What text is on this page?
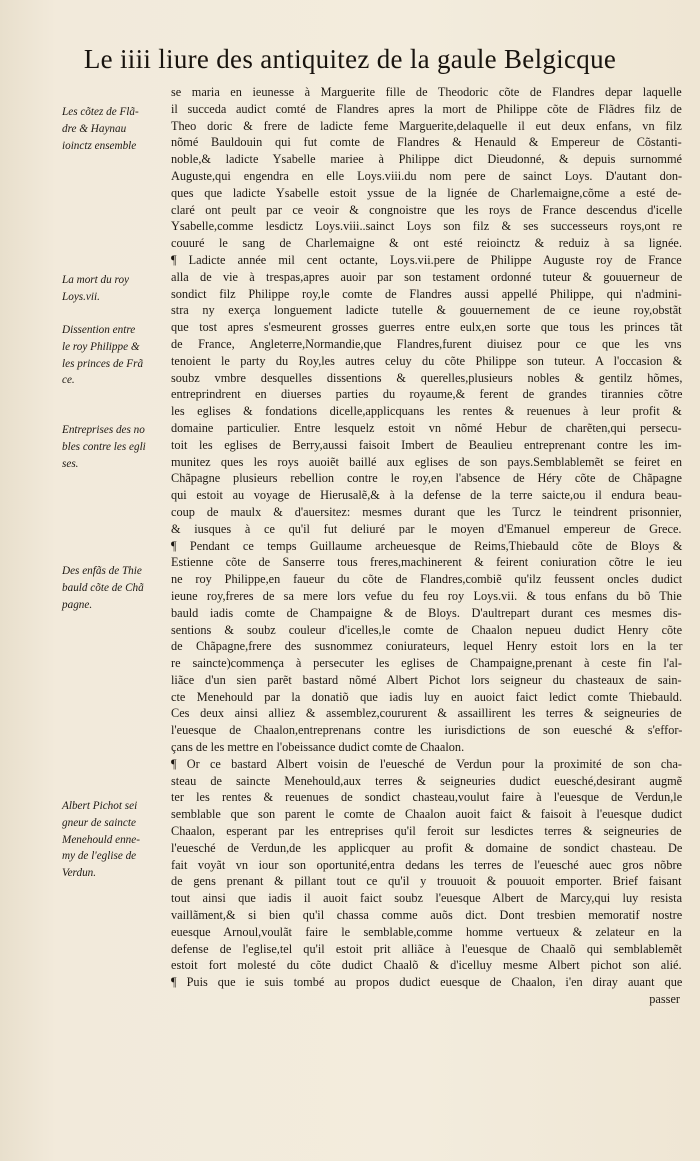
Le iiii liure des antiquitez de la gaule Belgicque
Les cõtez de Flã-
dre & Haynau
ioinctz ensemble
La mort du roy
Loys.vii.
Dissention entre
le roy Philippe &
les princes de Frã
ce.
Entreprises des no
bles contre les egli
ses.
Des enfãs de Thie
bauld cõte de Chã
pagne.
Albert Pichot sei
gneur de saincte
Menehould enne-
my de l'eglise de
Verdun.
se maria en ieunesse à Marguerite fille de Theodoric cõte de Flandres depar laquelle
il succeda audict comté de Flandres apres la mort de Philippe cõte de Flãdres filz de
Theo doric & frere de ladicte feme Marguerite,delaquelle il eut deux enfans, vn filz
nõmé Bauldouin qui fut comte de Flandres & Henauld & Empereur de Cõstanti-
noble,& ladicte Ysabelle mariee à Philippe dict Dieudonné, & depuis surnommé
Auguste,qui engendra en elle Loys.viii.du nom pere de sainct Loys. D'autant don-
ques que ladicte Ysabelle estoit yssue de la lignée de Charlemaigne,cõme a esté de-
claré ont peult par ce veoir & congnoistre que les roys de France descendus d'icelle
Ysabelle,comme lesdictz Loys.viii..sainct Loys son filz & ses successeurs roys,ont re
couuré le sang de Charlemaigne & ont esté reioinctz & reduiz à sa lignée.
¶ Ladicte année mil cent octante, Loys.vii.pere de Philippe Auguste roy de France
alla de vie à trespas,apres auoir par son testament ordonné tuteur & gouuerneur de
sondict filz Philippe roy,le comte de Flandres aussi appellé Philippe, qui n'admini-
stra ny exerça longuement ladicte tutelle & gouuernement de ce ieune roy,obstãt
que tost apres s'esmeurent grosses guerres entre eulx,en sorte que tous les princes tãt
de France, Angleterre,Normandie,que Flandres,furent diuisez pour ce que les vns
tenoient le party du Roy,les autres celuy du cõte Philippe son tuteur. A l'occasion &
soubz vmbre desquelles dissentions & querelles,plusieurs nobles & gentilz hõmes,
entreprindrent en diuerses parties du royaume,& ferent de grandes tirannies cõtre
les eglises & fondations dicelle,applicquans les rentes & reuenues à leur profit &
domaine particulier. Entre lesquelz estoit vn nõmé Hebur de charẽten,qui persecu-
toit les eglises de Berry,aussi faisoit Imbert de Beaulieu entreprenant contre les im-
munitez ques les roys auoiẽt baillé aux eglises de son pays.Semblablemẽt se feiret en
Chãpagne plusieurs rebellion contre le roy,en l'absence de Héry cõte de Chãpagne
qui estoit au voyage de Hierusalẽ,& à la defense de la terre saicte,ou il endura beau-
coup de maulx & d'auersitez: mesmes durant que les Turcz le teindrent prisonnier,
& iusques à ce qu'il fut deliuré par le moyen d'Emanuel empereur de Grece.
¶ Pendant ce temps Guillaume archeuesque de Reims,Thiebauld cõte de Bloys &
Estienne cõte de Sanserre tous freres,machinerent & feirent coniuration cõtre le ieu
ne roy Philippe,en faueur du cõte de Flandres,combiẽ qu'ilz feussent oncles dudict
ieune roy,freres de sa mere lors vefue du feu roy Loys.vii. & tous enfans du bõ Thie
bauld iadis comte de Champaigne & de Bloys. D'aultrepart durant ces mesmes dis-
sentions & soubz couleur d'icelles,le comte de Chaalon nepueu dudict Henry cõte
de Chãpagne,frere des susnommez coniurateurs, lequel Henry estoit lors en la ter
re saincte)commença à persecuter les eglises de Champaigne,prenant à ceste fin l'al-
liãce d'un sien parẽt bastard nõmé Albert Pichot lors seigneur du chasteaux de sain-
cte Menehould par la donatiõ que iadis luy en auoict faict ledict comte Thiebauld.
Ces deux ainsi alliez & assemblez,coururent & assaillirent les terres & seigneuries de
l'euesque de Chaalon,entreprenans contre les iurisdictions de son euesché & s'effor-
çans de les mettre en l'obeissance dudict comte de Chaalon.
¶ Or ce bastard Albert voisin de l'euesché de Verdun pour la proximité de son cha-
steau de saincte Menehould,aux terres & seigneuries dudict euesché,desirant augmẽ
ter les rentes & reuenues de sondict chasteau,voulut faire à l'euesque de Verdun,le
semblable que son parent le comte de Chaalon auoit faict & faisoit à l'euesque dudict
Chaalon, esperant par les entreprises qu'il feroit sur lesdictes terres & seigneuries de
l'euesché de Verdun,de les applicquer au profit & domaine de sondict chasteau. De
fait voyãt vn iour son oportunité,entra dedans les terres de l'euesché auec gros nõbre
de gens prenant & pillant tout ce qu'il y trouuoit & pouuoit emporter. Brief faisant
tout ainsi que iadis il auoit faict soubz l'euesque Albert de Marcy,qui luy resista
vaillãment,& si bien qu'il chassa comme auõs dict. Dont tresbien memoratif nostre
euesque Arnoul,voulãt faire le semblable,comme homme vertueux & zelateur en la
defense de l'eglise,tel qu'il estoit prit alliãce à l'euesque de Chaalõ qui semblablemẽt
estoit fort molesté du cõte dudict Chaalõ & d'icelluy mesme Albert pichot son alié.
¶ Puis que ie suis tombé au propos dudict euesque de Chaalon, i'en diray auant que
passer
